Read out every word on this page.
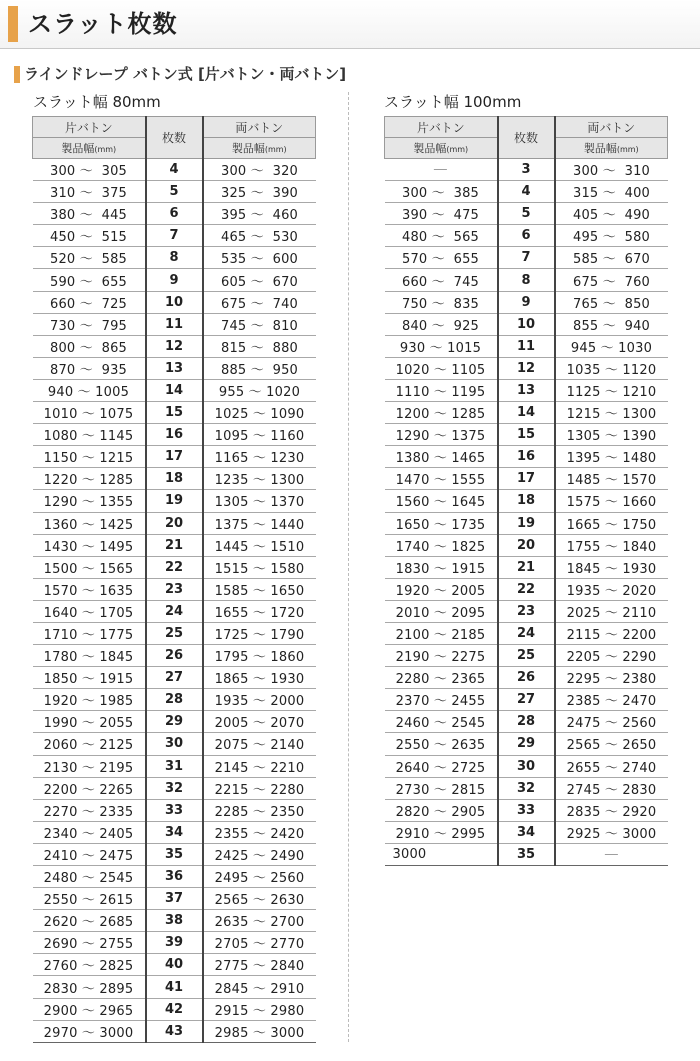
スラット枚数
ラインドレープ バトン式 [片バトン・両バトン]
スラット幅 80mm	スラット幅 100mm
片バトン	枚数	両バトン
製品幅(mm)		製品幅(mm)
300 ～  305	4	300 ～  320
310 ～  375	5	325 ～  390
380 ～  445	6	395 ～  460
450 ～  515	7	465 ～  530
520 ～  585	8	535 ～  600
590 ～  655	9	605 ～  670
660 ～  725	10	675 ～  740
730 ～  795	11	745 ～  810
800 ～  865	12	815 ～  880
870 ～  935	13	885 ～  950
940 ～ 1005	14	955 ～ 1020
1010 ～ 1075	15	1025 ～ 1090
1080 ～ 1145	16	1095 ～ 1160
1150 ～ 1215	17	1165 ～ 1230
1220 ～ 1285	18	1235 ～ 1300
1290 ～ 1355	19	1305 ～ 1370
1360 ～ 1425	20	1375 ～ 1440
1430 ～ 1495	21	1445 ～ 1510
1500 ～ 1565	22	1515 ～ 1580
1570 ～ 1635	23	1585 ～ 1650
1640 ～ 1705	24	1655 ～ 1720
1710 ～ 1775	25	1725 ～ 1790
1780 ～ 1845	26	1795 ～ 1860
1850 ～ 1915	27	1865 ～ 1930
1920 ～ 1985	28	1935 ～ 2000
1990 ～ 2055	29	2005 ～ 2070
2060 ～ 2125	30	2075 ～ 2140
2130 ～ 2195	31	2145 ～ 2210
2200 ～ 2265	32	2215 ～ 2280
2270 ～ 2335	33	2285 ～ 2350
2340 ～ 2405	34	2355 ～ 2420
2410 ～ 2475	35	2425 ～ 2490
2480 ～ 2545	36	2495 ～ 2560
2550 ～ 2615	37	2565 ～ 2630
2620 ～ 2685	38	2635 ～ 2700
2690 ～ 2755	39	2705 ～ 2770
2760 ～ 2825	40	2775 ～ 2840
2830 ～ 2895	41	2845 ～ 2910
2900 ～ 2965	42	2915 ～ 2980
2970 ～ 3000	43	2985 ～ 3000
片バトン	枚数	両バトン
製品幅(mm)		製品幅(mm)
―	3	300 ～  310
300 ～  385	4	315 ～  400
390 ～  475	5	405 ～  490
480 ～  565	6	495 ～  580
570 ～  655	7	585 ～  670
660 ～  745	8	675 ～  760
750 ～  835	9	765 ～  850
840 ～  925	10	855 ～  940
930 ～ 1015	11	945 ～ 1030
1020 ～ 1105	12	1035 ～ 1120
1110 ～ 1195	13	1125 ～ 1210
1200 ～ 1285	14	1215 ～ 1300
1290 ～ 1375	15	1305 ～ 1390
1380 ～ 1465	16	1395 ～ 1480
1470 ～ 1555	17	1485 ～ 1570
1560 ～ 1645	18	1575 ～ 1660
1650 ～ 1735	19	1665 ～ 1750
1740 ～ 1825	20	1755 ～ 1840
1830 ～ 1915	21	1845 ～ 1930
1920 ～ 2005	22	1935 ～ 2020
2010 ～ 2095	23	2025 ～ 2110
2100 ～ 2185	24	2115 ～ 2200
2190 ～ 2275	25	2205 ～ 2290
2280 ～ 2365	26	2295 ～ 2380
2370 ～ 2455	27	2385 ～ 2470
2460 ～ 2545	28	2475 ～ 2560
2550 ～ 2635	29	2565 ～ 2650
2640 ～ 2725	30	2655 ～ 2740
2730 ～ 2815	32	2745 ～ 2830
2820 ～ 2905	33	2835 ～ 2920
2910 ～ 2995	34	2925 ～ 3000
3000	35	―
